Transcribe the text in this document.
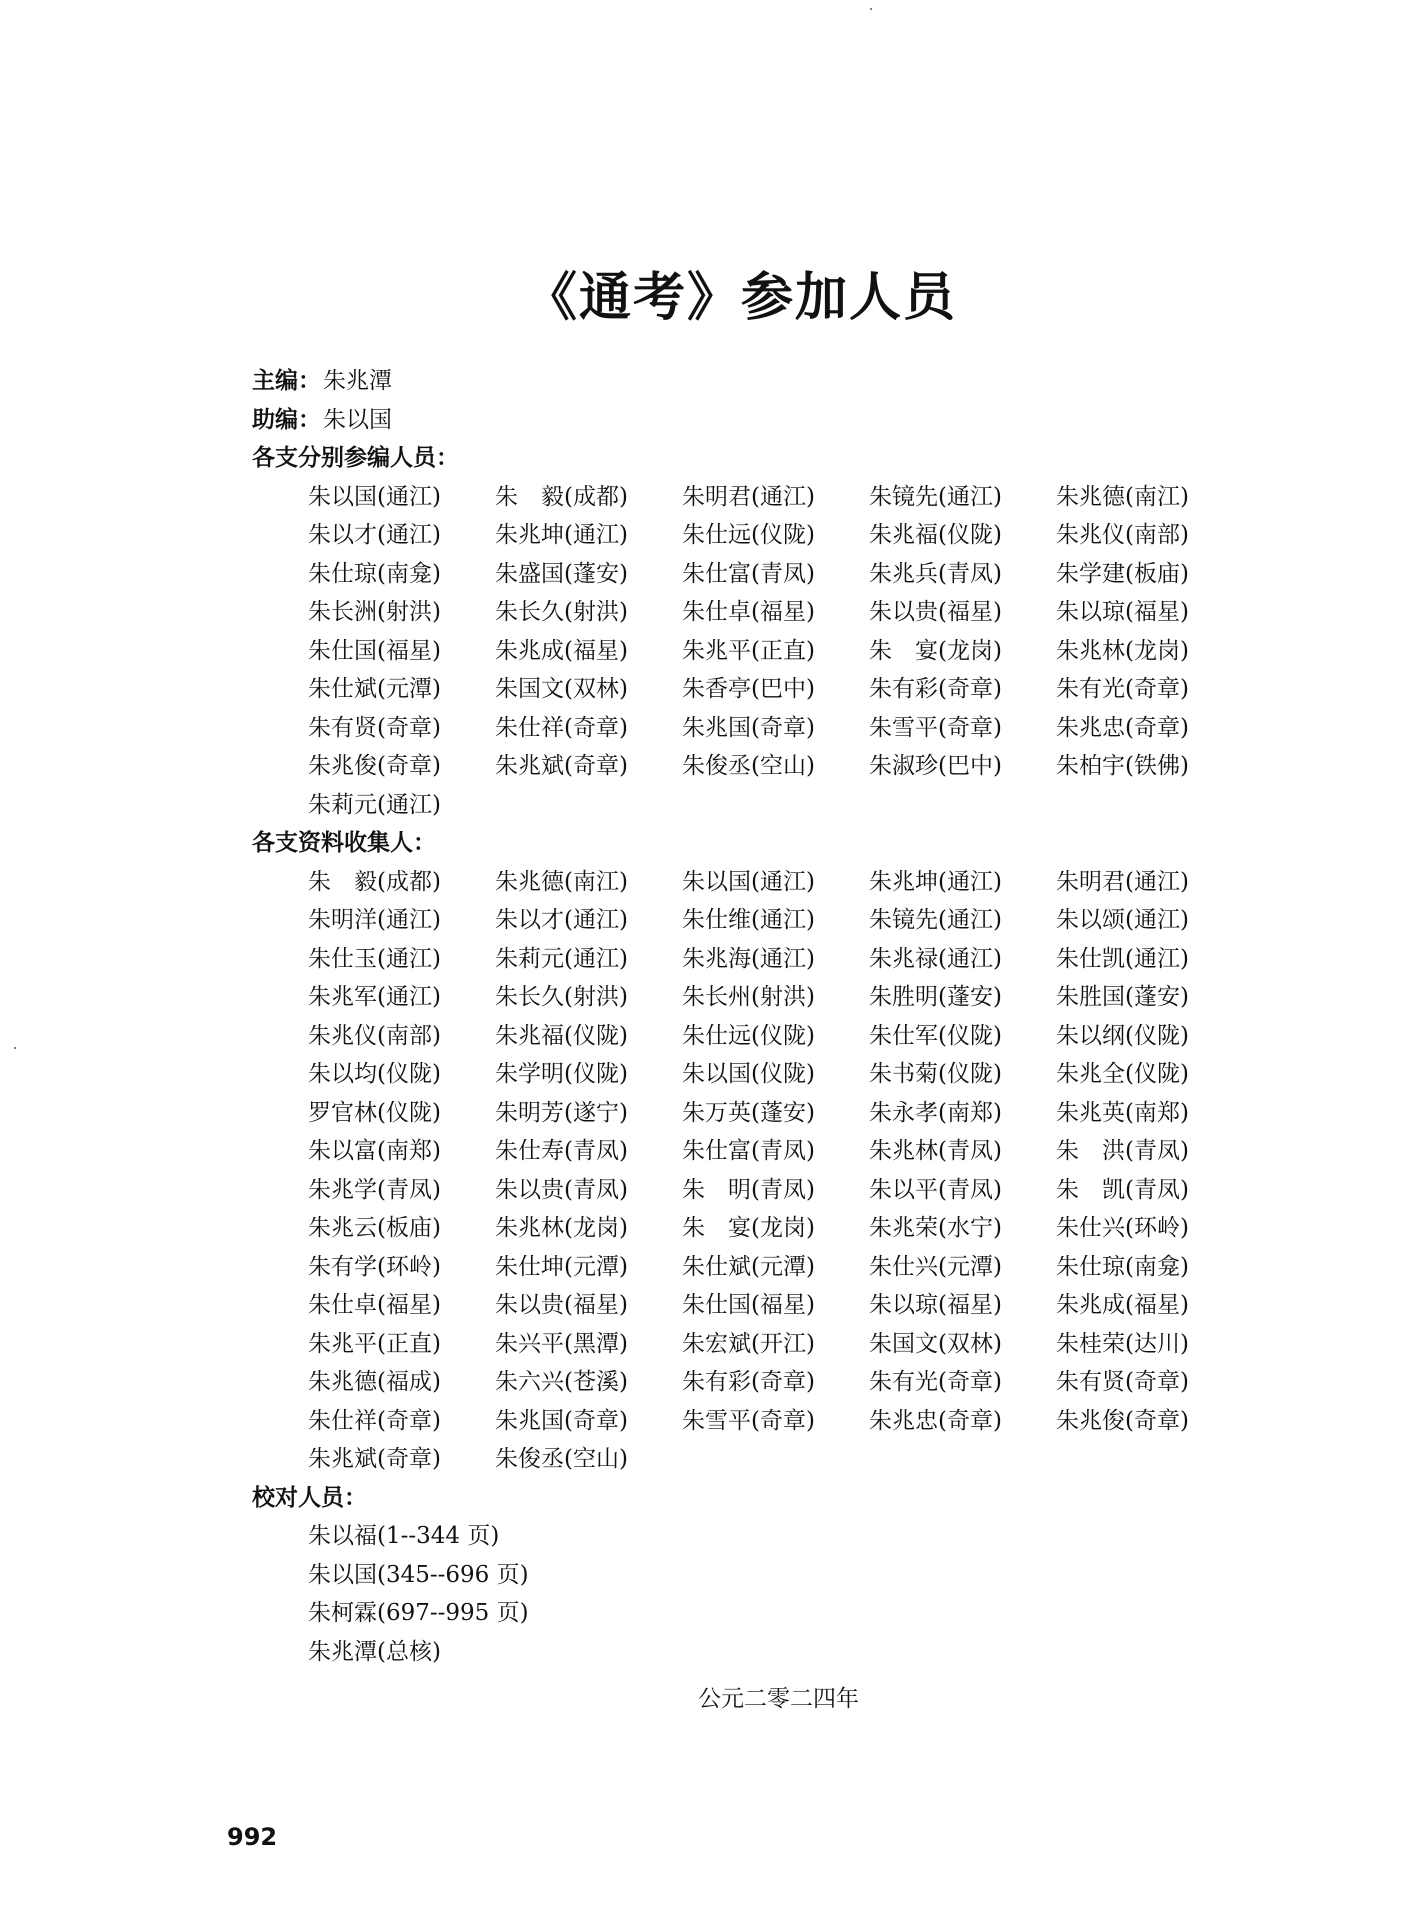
《通考》参加人员
主编：朱兆潭
助编：朱以国
各支分别参编人员：
朱以国(通江)	朱　毅(成都)	朱明君(通江)	朱镜先(通江)	朱兆德(南江)
朱以才(通江)	朱兆坤(通江)	朱仕远(仪陇)	朱兆福(仪陇)	朱兆仪(南部)
朱仕琼(南龛)	朱盛国(蓬安)	朱仕富(青凤)	朱兆兵(青凤)	朱学建(板庙)
朱长洲(射洪)	朱长久(射洪)	朱仕卓(福星)	朱以贵(福星)	朱以琼(福星)
朱仕国(福星)	朱兆成(福星)	朱兆平(正直)	朱　宴(龙岗)	朱兆林(龙岗)
朱仕斌(元潭)	朱国文(双林)	朱香亭(巴中)	朱有彩(奇章)	朱有光(奇章)
朱有贤(奇章)	朱仕祥(奇章)	朱兆国(奇章)	朱雪平(奇章)	朱兆忠(奇章)
朱兆俊(奇章)	朱兆斌(奇章)	朱俊丞(空山)	朱淑珍(巴中)	朱柏宇(铁佛)
朱莉元(通江)
各支资料收集人：
朱　毅(成都)	朱兆德(南江)	朱以国(通江)	朱兆坤(通江)	朱明君(通江)
朱明洋(通江)	朱以才(通江)	朱仕维(通江)	朱镜先(通江)	朱以颂(通江)
朱仕玉(通江)	朱莉元(通江)	朱兆海(通江)	朱兆禄(通江)	朱仕凯(通江)
朱兆军(通江)	朱长久(射洪)	朱长州(射洪)	朱胜明(蓬安)	朱胜国(蓬安)
朱兆仪(南部)	朱兆福(仪陇)	朱仕远(仪陇)	朱仕军(仪陇)	朱以纲(仪陇)
朱以均(仪陇)	朱学明(仪陇)	朱以国(仪陇)	朱书菊(仪陇)	朱兆全(仪陇)
罗官林(仪陇)	朱明芳(遂宁)	朱万英(蓬安)	朱永孝(南郑)	朱兆英(南郑)
朱以富(南郑)	朱仕寿(青凤)	朱仕富(青凤)	朱兆林(青凤)	朱　洪(青凤)
朱兆学(青凤)	朱以贵(青凤)	朱　明(青凤)	朱以平(青凤)	朱　凯(青凤)
朱兆云(板庙)	朱兆林(龙岗)	朱　宴(龙岗)	朱兆荣(水宁)	朱仕兴(环岭)
朱有学(环岭)	朱仕坤(元潭)	朱仕斌(元潭)	朱仕兴(元潭)	朱仕琼(南龛)
朱仕卓(福星)	朱以贵(福星)	朱仕国(福星)	朱以琼(福星)	朱兆成(福星)
朱兆平(正直)	朱兴平(黑潭)	朱宏斌(开江)	朱国文(双林)	朱桂荣(达川)
朱兆德(福成)	朱六兴(苍溪)	朱有彩(奇章)	朱有光(奇章)	朱有贤(奇章)
朱仕祥(奇章)	朱兆国(奇章)	朱雪平(奇章)	朱兆忠(奇章)	朱兆俊(奇章)
朱兆斌(奇章)	朱俊丞(空山)
校对人员：
朱以福(1--344 页)
朱以国(345--696 页)
朱柯霖(697--995 页)
朱兆潭(总核)
公元二零二四年
992
